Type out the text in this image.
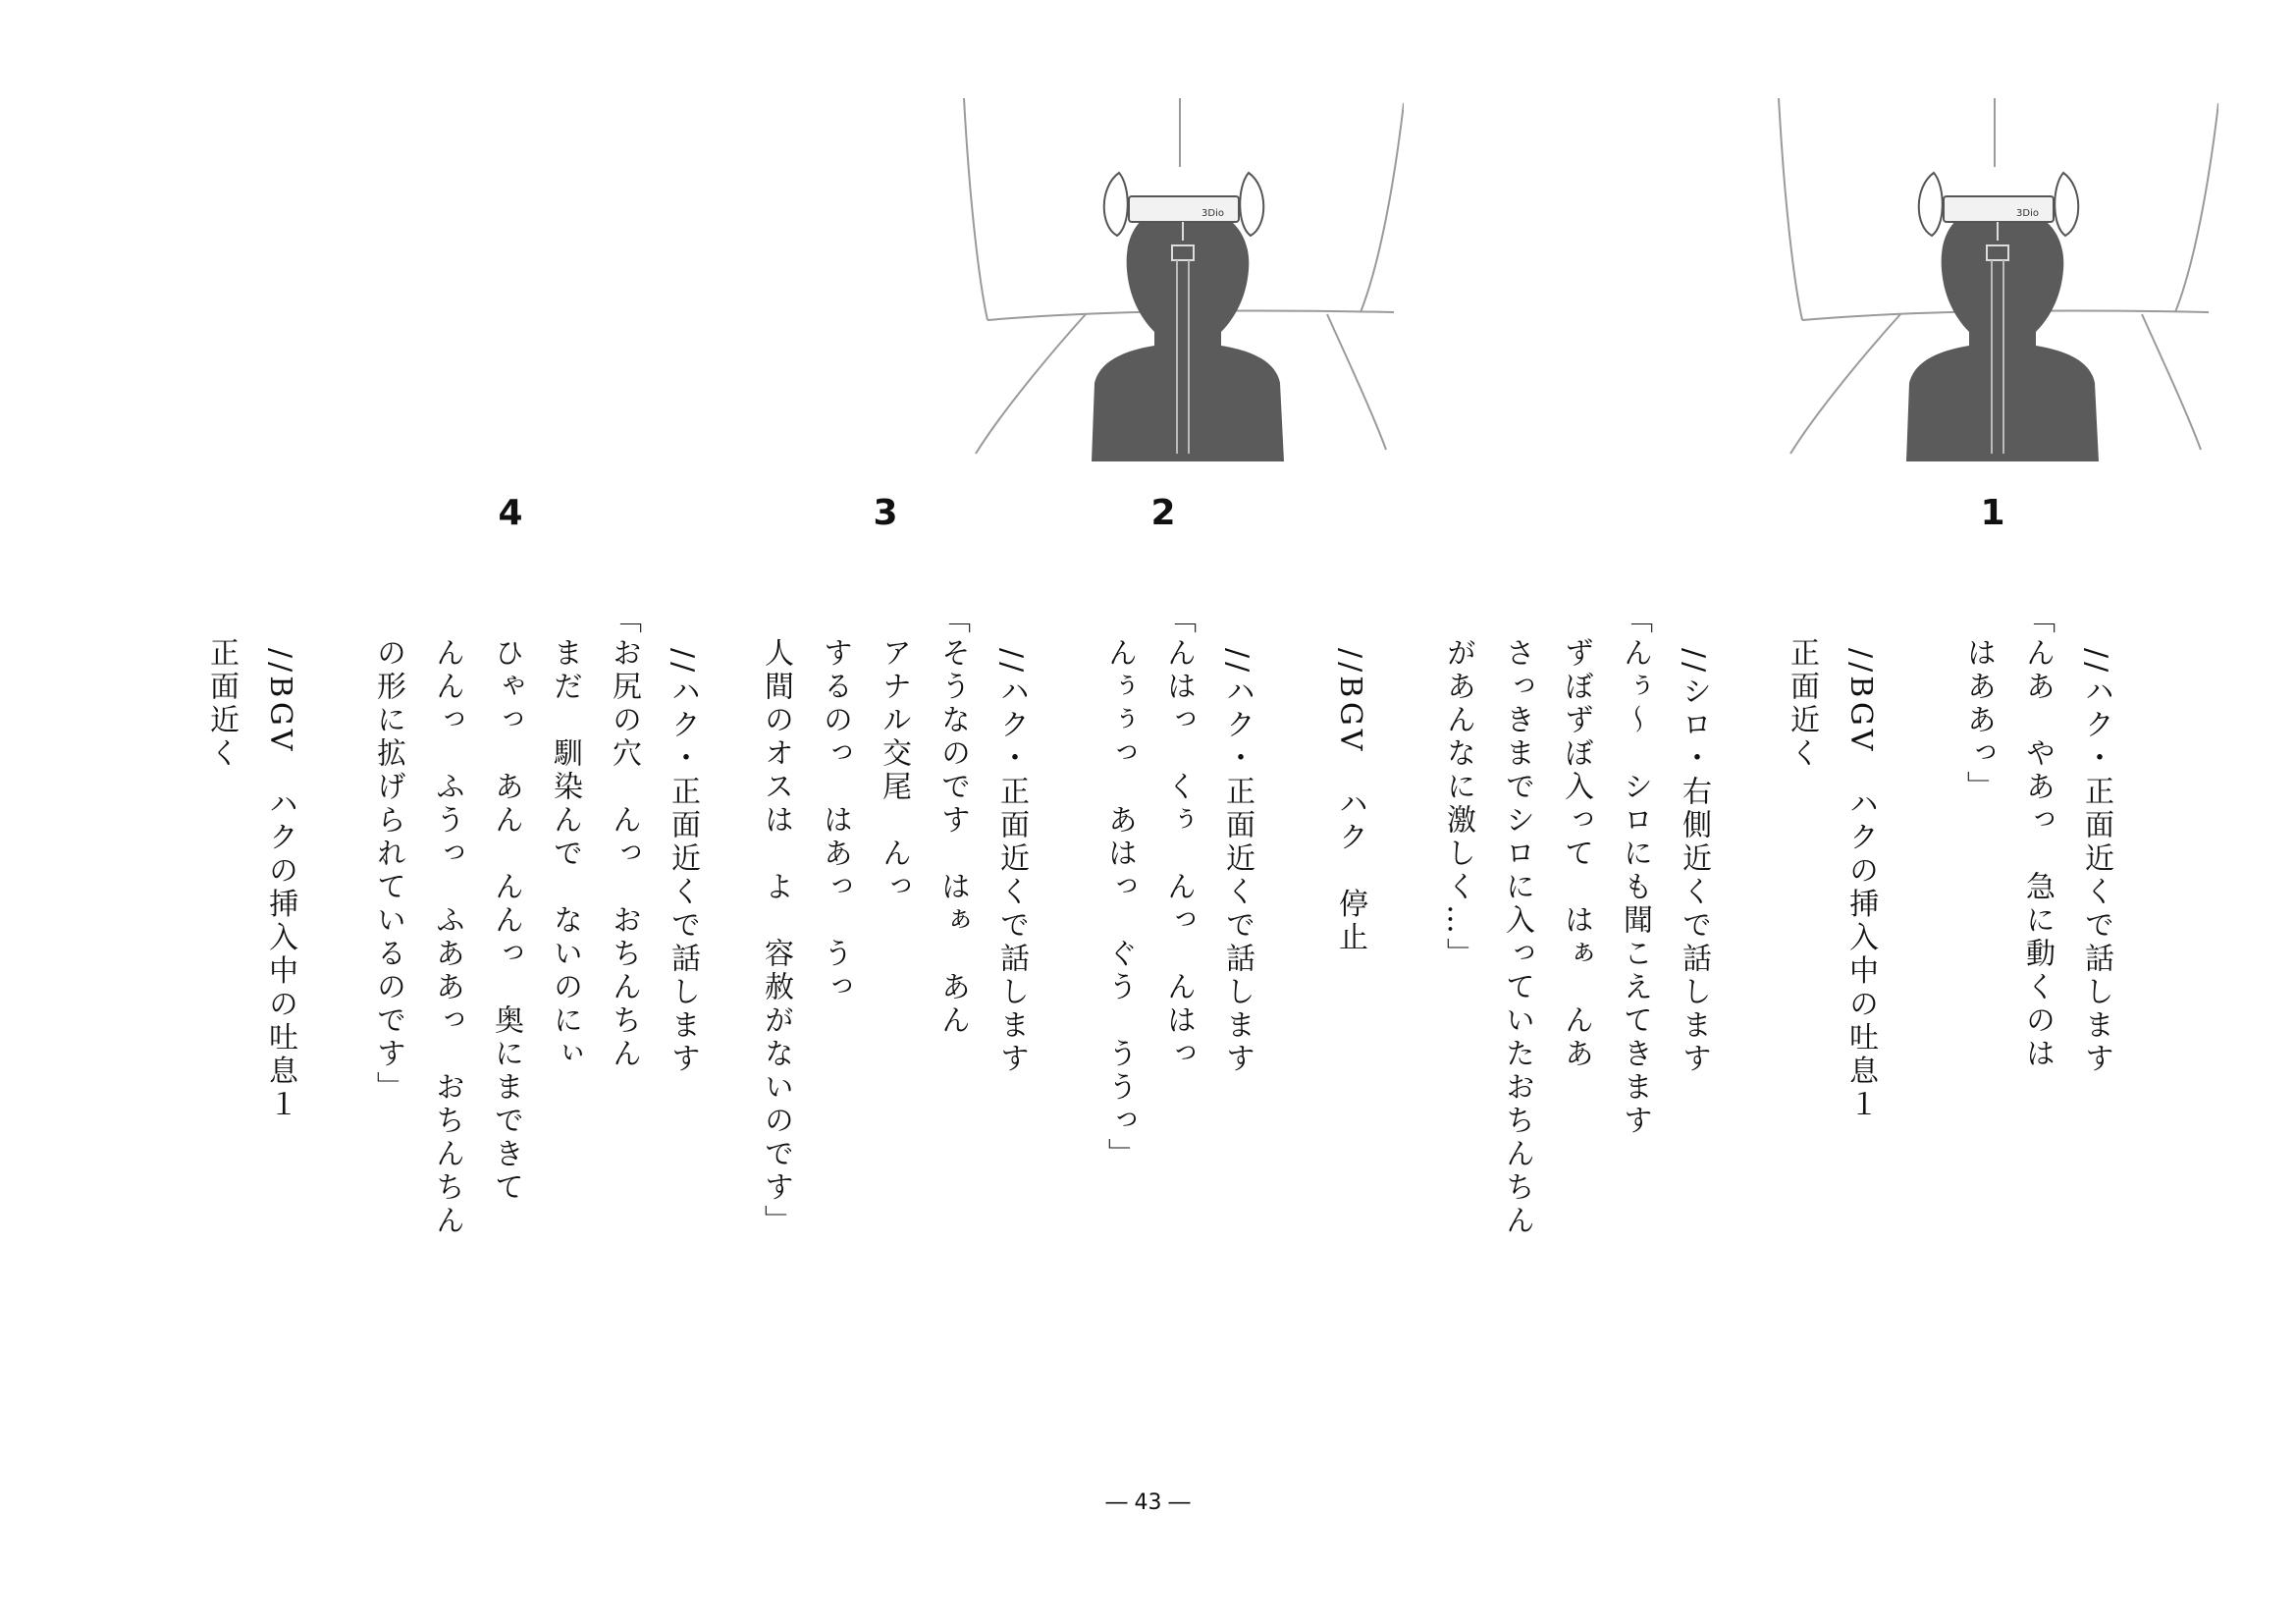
3Dio	3Dio
1
2
3
4
//ハク・正面近くで話します
「んあ　やあっ　急に動くのは
　はああっ」
//BGV　ハクの挿入中の吐息１
　正面近く
//シロ・右側近くで話します
「んぅ〜　シロにも聞こえてきます
　ずぼずぼ入って　はぁ　んあ
　さっきまでシロに入っていたおちんちん
　があんなに激しく…」
//BGV　ハク　停止
//ハク・正面近くで話します
「んはっ　くぅ　んっ　んはっ
　んぅぅっ　あはっ　ぐう　ううっ」
//ハク・正面近くで話します
「そうなのです　はぁ　あん
　アナル交尾　んっ
　するのっ　はあっ　うっ
　人間のオスは　よ　容赦がないのです」
//ハク・正面近くで話します
「お尻の穴　んっ　おちんちん
　まだ　馴染んで　ないのにぃ
　ひゃっ　あん　んんっ　奥にまできて
　んんっ　ふうっ　ふああっ　おちんちん
　の形に拡げられているのです」
//BGV　ハクの挿入中の吐息１
　正面近く
― 43 ―
